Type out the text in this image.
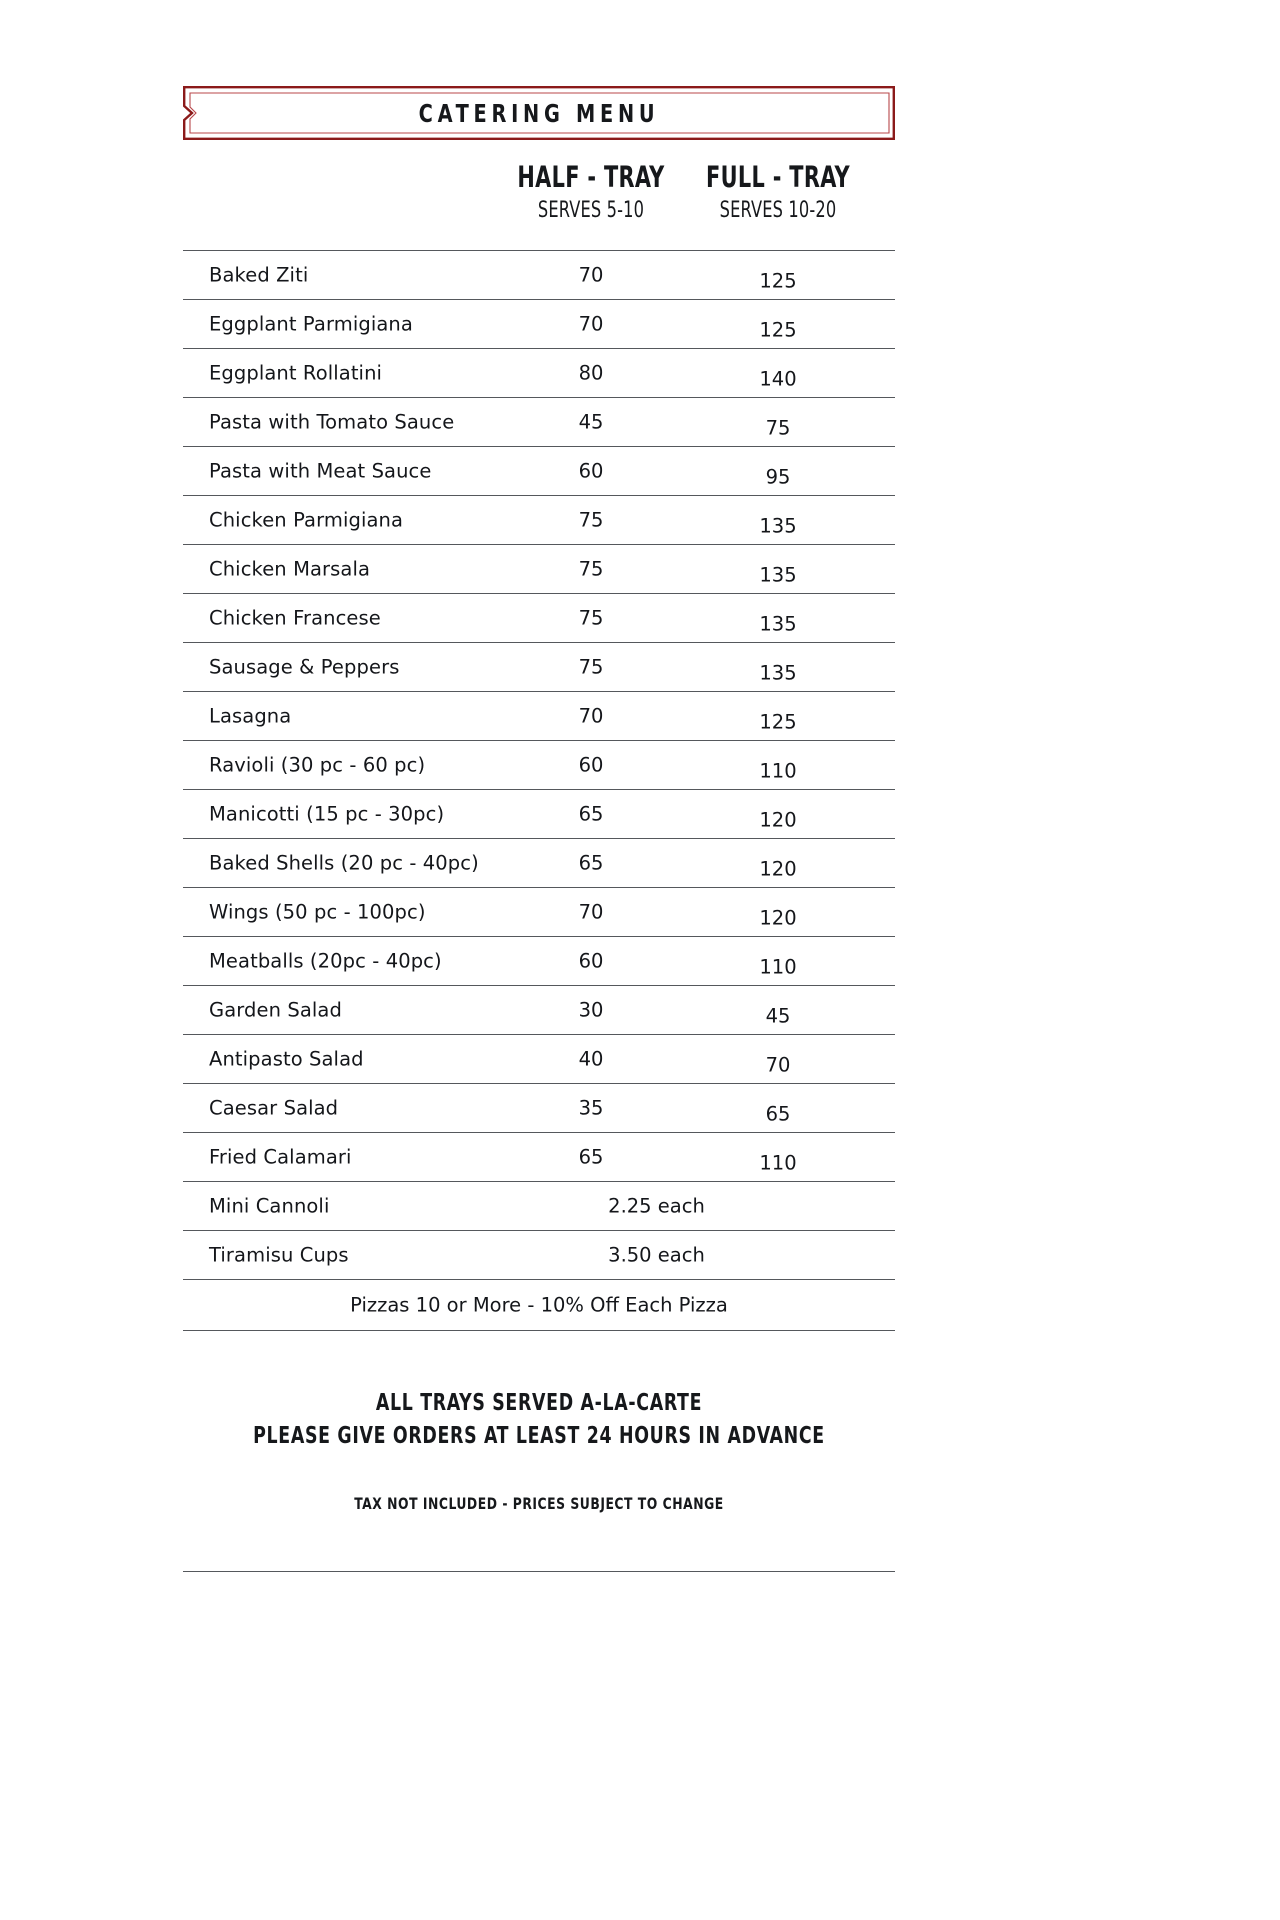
CATERING MENU
HALF - TRAY
SERVES 5-10
FULL - TRAY
SERVES 10-20
Baked Ziti	70	125
Eggplant Parmigiana	70	125
Eggplant Rollatini	80	140
Pasta with Tomato Sauce	45	75
Pasta with Meat Sauce	60	95
Chicken Parmigiana	75	135
Chicken Marsala	75	135
Chicken Francese	75	135
Sausage & Peppers	75	135
Lasagna	70	125
Ravioli (30 pc - 60 pc)	60	110
Manicotti (15 pc - 30pc)	65	120
Baked Shells (20 pc - 40pc)	65	120
Wings (50 pc - 100pc)	70	120
Meatballs (20pc - 40pc)	60	110
Garden Salad	30	45
Antipasto Salad	40	70
Caesar Salad	35	65
Fried Calamari	65	110
Mini Cannoli	2.25 each
Tiramisu Cups	3.50 each
Pizzas 10 or More - 10% Off Each Pizza
ALL TRAYS SERVED A-LA-CARTE
PLEASE GIVE ORDERS AT LEAST 24 HOURS IN ADVANCE
TAX NOT INCLUDED - PRICES SUBJECT TO CHANGE
